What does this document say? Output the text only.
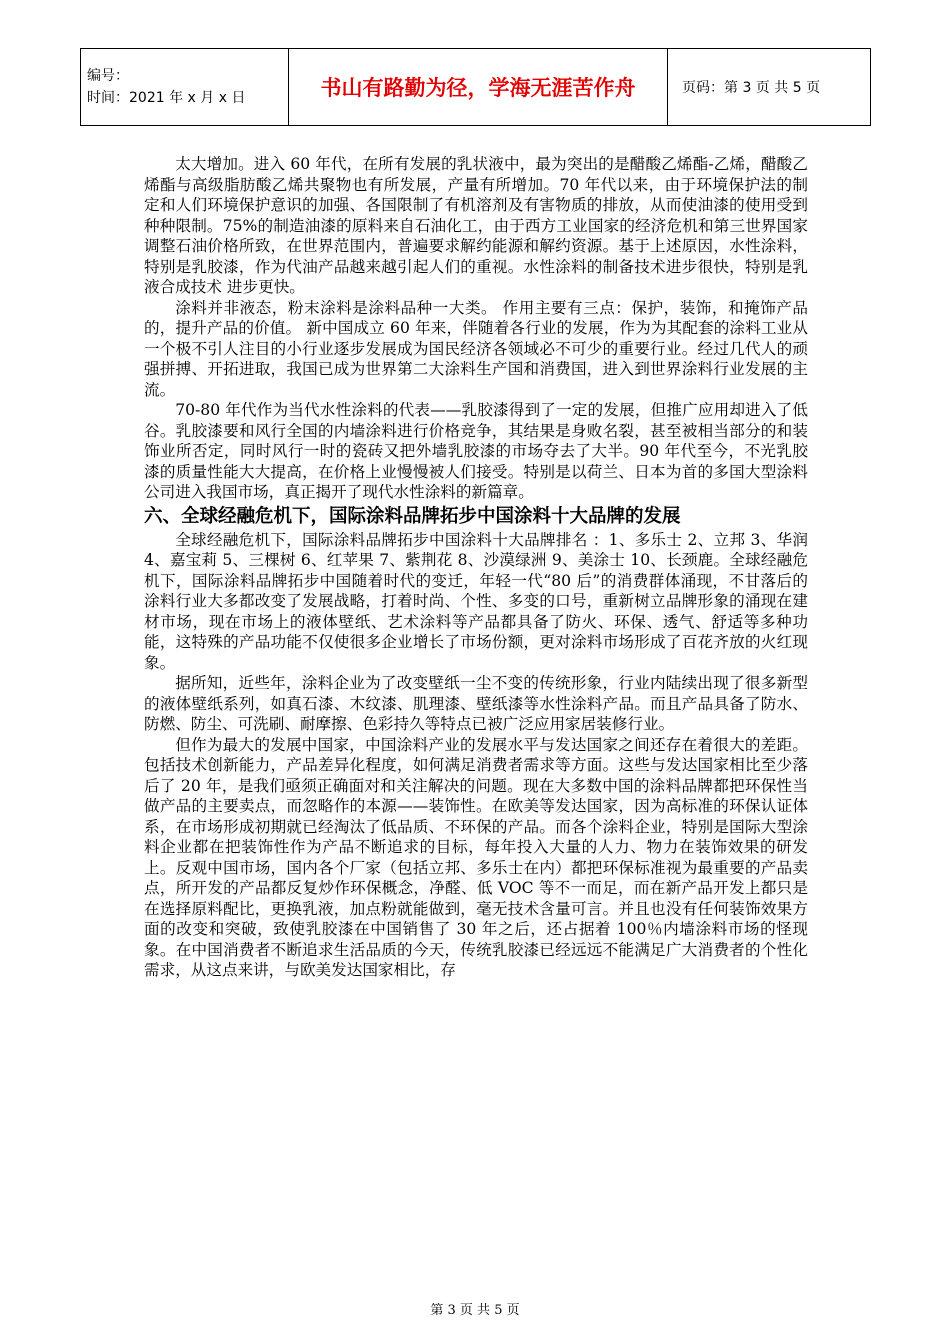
编号：
时间：2021 年 x 月 x 日	书山有路勤为径，学海无涯苦作舟	页码：第 3 页 共 5 页

太大增加。进入 60 年代，在所有发展的乳状液中，最为突出的是醋酸乙烯酯-乙烯，醋酸乙烯酯与高级脂肪酸乙烯共聚物也有所发展，产量有所增加。70 年代以来，由于环境保护法的制定和人们环境保护意识的加强、各国限制了有机溶剂及有害物质的排放，从而使油漆的使用受到种种限制。75%的制造油漆的原料来自石油化工，由于西方工业国家的经济危机和第三世界国家调整石油价格所致，在世界范围内，普遍要求解约能源和解约资源。基于上述原因，水性涂料，特别是乳胶漆，作为代油产品越来越引起人们的重视。水性涂料的制备技术进步很快，特别是乳液合成技术 进步更快。

涂料并非液态，粉末涂料是涂料品种一大类。 作用主要有三点：保护，装饰，和掩饰产品的，提升产品的价值。 新中国成立 60 年来，伴随着各行业的发展，作为为其配套的涂料工业从一个极不引人注目的小行业逐步发展成为国民经济各领域必不可少的重要行业。经过几代人的顽强拼搏、开拓进取，我国已成为世界第二大涂料生产国和消费国，进入到世界涂料行业发展的主流。

70-80 年代作为当代水性涂料的代表——乳胶漆得到了一定的发展，但推广应用却进入了低谷。乳胶漆要和风行全国的内墙涂料进行价格竞争，其结果是身败名裂，甚至被相当部分的和装饰业所否定，同时风行一时的瓷砖又把外墙乳胶漆的市场夺去了大半。90 年代至今，不光乳胶漆的质量性能大大提高，在价格上业慢慢被人们接受。特别是以荷兰、日本为首的多国大型涂料公司进入我国市场，真正揭开了现代水性涂料的新篇章。

六、全球经融危机下，国际涂料品牌拓步中国涂料十大品牌的发展

全球经融危机下，国际涂料品牌拓步中国涂料十大品牌排名 ：1、多乐士 2、立邦 3、华润 4、嘉宝莉 5、三棵树 6、红苹果 7、紫荆花 8、沙漠绿洲 9、美涂士 10、长颈鹿。全球经融危机下，国际涂料品牌拓步中国随着时代的变迁，年轻一代“80 后”的消费群体涌现，不甘落后的涂料行业大多都改变了发展战略，打着时尚、个性、多变的口号，重新树立品牌形象的涌现在建材市场，现在市场上的液体壁纸、艺术涂料等产品都具备了防火、环保、透气、舒适等多种功能，这特殊的产品功能不仅使很多企业增长了市场份额，更对涂料市场形成了百花齐放的火红现象。

据所知，近些年，涂料企业为了改变壁纸一尘不变的传统形象，行业内陆续出现了很多新型的液体壁纸系列，如真石漆、木纹漆、肌理漆、壁纸漆等水性涂料产品。而且产品具备了防水、防燃、防尘、可洗刷、耐摩擦、色彩持久等特点已被广泛应用家居装修行业。

但作为最大的发展中国家，中国涂料产业的发展水平与发达国家之间还存在着很大的差距。包括技术创新能力，产品差异化程度，如何满足消费者需求等方面。这些与发达国家相比至少落后了 20 年，是我们亟须正确面对和关注解决的问题。现在大多数中国的涂料品牌都把环保性当做产品的主要卖点，而忽略作的本源——装饰性。在欧美等发达国家，因为高标准的环保认证体系，在市场形成初期就已经淘汰了低品质、不环保的产品。而各个涂料企业，特别是国际大型涂料企业都在把装饰性作为产品不断追求的目标，每年投入大量的人力、物力在装饰效果的研发上。反观中国市场，国内各个厂家（包括立邦、多乐士在内）都把环保标准视为最重要的产品卖点，所开发的产品都反复炒作环保概念，净醛、低 VOC 等不一而足，而在新产品开发上都只是在选择原料配比，更换乳液，加点粉就能做到，毫无技术含量可言。并且也没有任何装饰效果方面的改变和突破，致使乳胶漆在中国销售了 30 年之后，还占据着 100％内墙涂料市场的怪现象。在中国消费者不断追求生活品质的今天，传统乳胶漆已经远远不能满足广大消费者的个性化需求，从这点来讲，与欧美发达国家相比，存

第 3 页 共 5 页
